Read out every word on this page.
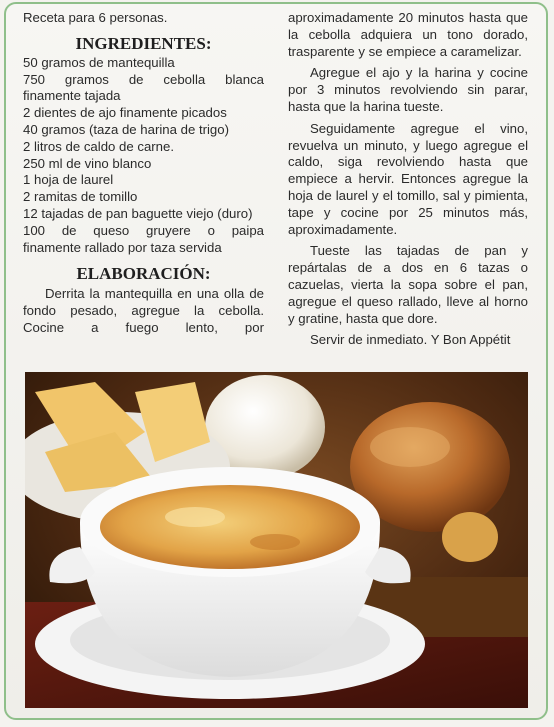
Receta para 6 personas.
INGREDIENTES:
50 gramos de mantequilla
750 gramos de cebolla blanca
finamente tajada
2 dientes de ajo finamente picados
40 gramos (taza de harina de trigo)
2 litros de caldo de carne.
250 ml de vino blanco
1 hoja de laurel
2 ramitas de tomillo
12 tajadas de pan baguette viejo (duro)
100 de queso gruyere o paipa
finamente rallado por taza servida
ELABORACIÓN:

Derrita la mantequilla en una olla de fondo pesado, agregue la cebolla. Cocine a fuego lento, por

aproximadamente 20 minutos hasta que la cebolla adquiera un tono dorado, trasparente y se empiece a caramelizar.

Agregue el ajo y la harina y cocine por 3 minutos revolviendo sin parar, hasta que la harina tueste.

Seguidamente agregue el vino, revuelva un minuto, y luego agregue el caldo, siga revolviendo hasta que empiece a hervir. Entonces agregue la hoja de laurel y el tomillo, sal y pimienta, tape y cocine por 25 minutos más, aproximadamente.

Tueste las tajadas de pan y repártalas de a dos en 6 tazas o cazuelas, vierta la sopa sobre el pan, agregue el queso rallado, lleve al horno y gratine, hasta que dore.

Servir de inmediato. Y Bon Appétit
